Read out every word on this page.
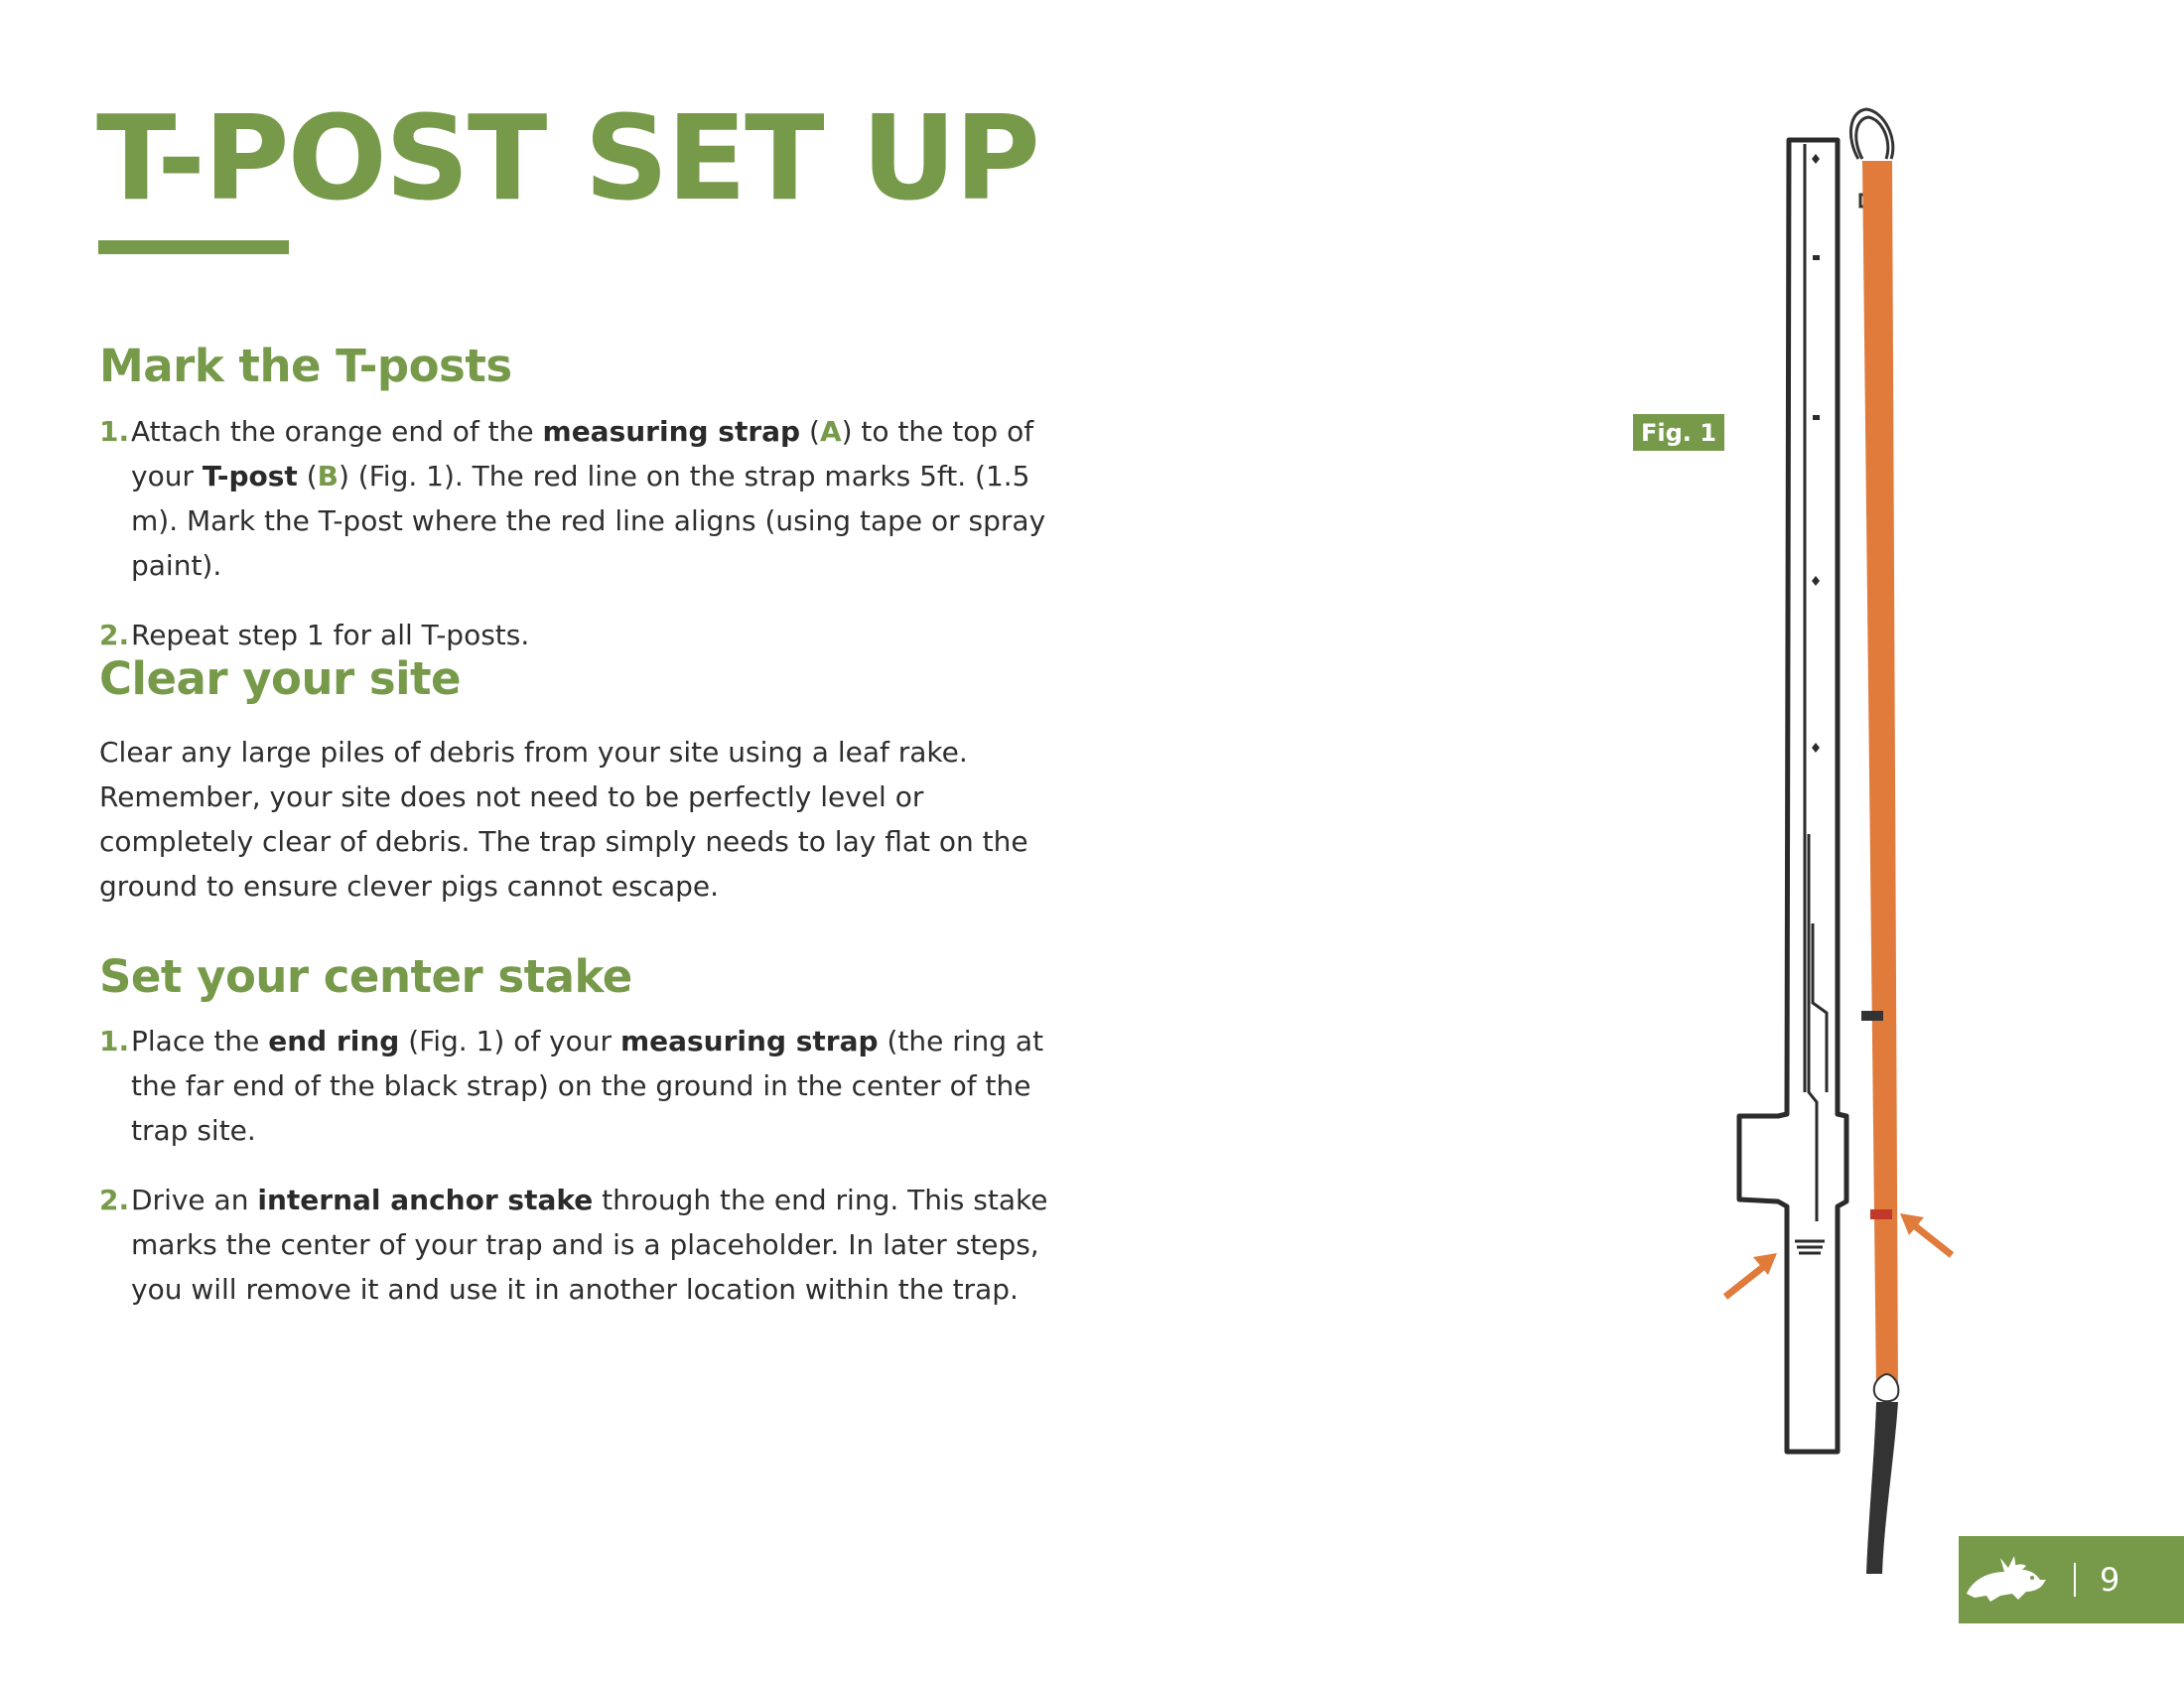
T-POST SET UP
Mark the T-posts
1. Attach the orange end of the measuring strap (A) to the top of your T-post (B) (Fig. 1). The red line on the strap marks 5ft. (1.5 m). Mark the T-post where the red line aligns (using tape or spray paint).
2. Repeat step 1 for all T-posts.
Clear your site

Clear any large piles of debris from your site using a leaf rake. Remember, your site does not need to be perfectly level or completely clear of debris. The trap simply needs to lay flat on the ground to ensure clever pigs cannot escape.

Set your center stake
1. Place the end ring (Fig. 1) of your measuring strap (the ring at the far end of the black strap) on the ground in the center of the trap site.
2. Drive an internal anchor stake through the end ring. This stake marks the center of your trap and is a placeholder. In later steps, you will remove it and use it in another location within the trap.
Fig. 1
9
